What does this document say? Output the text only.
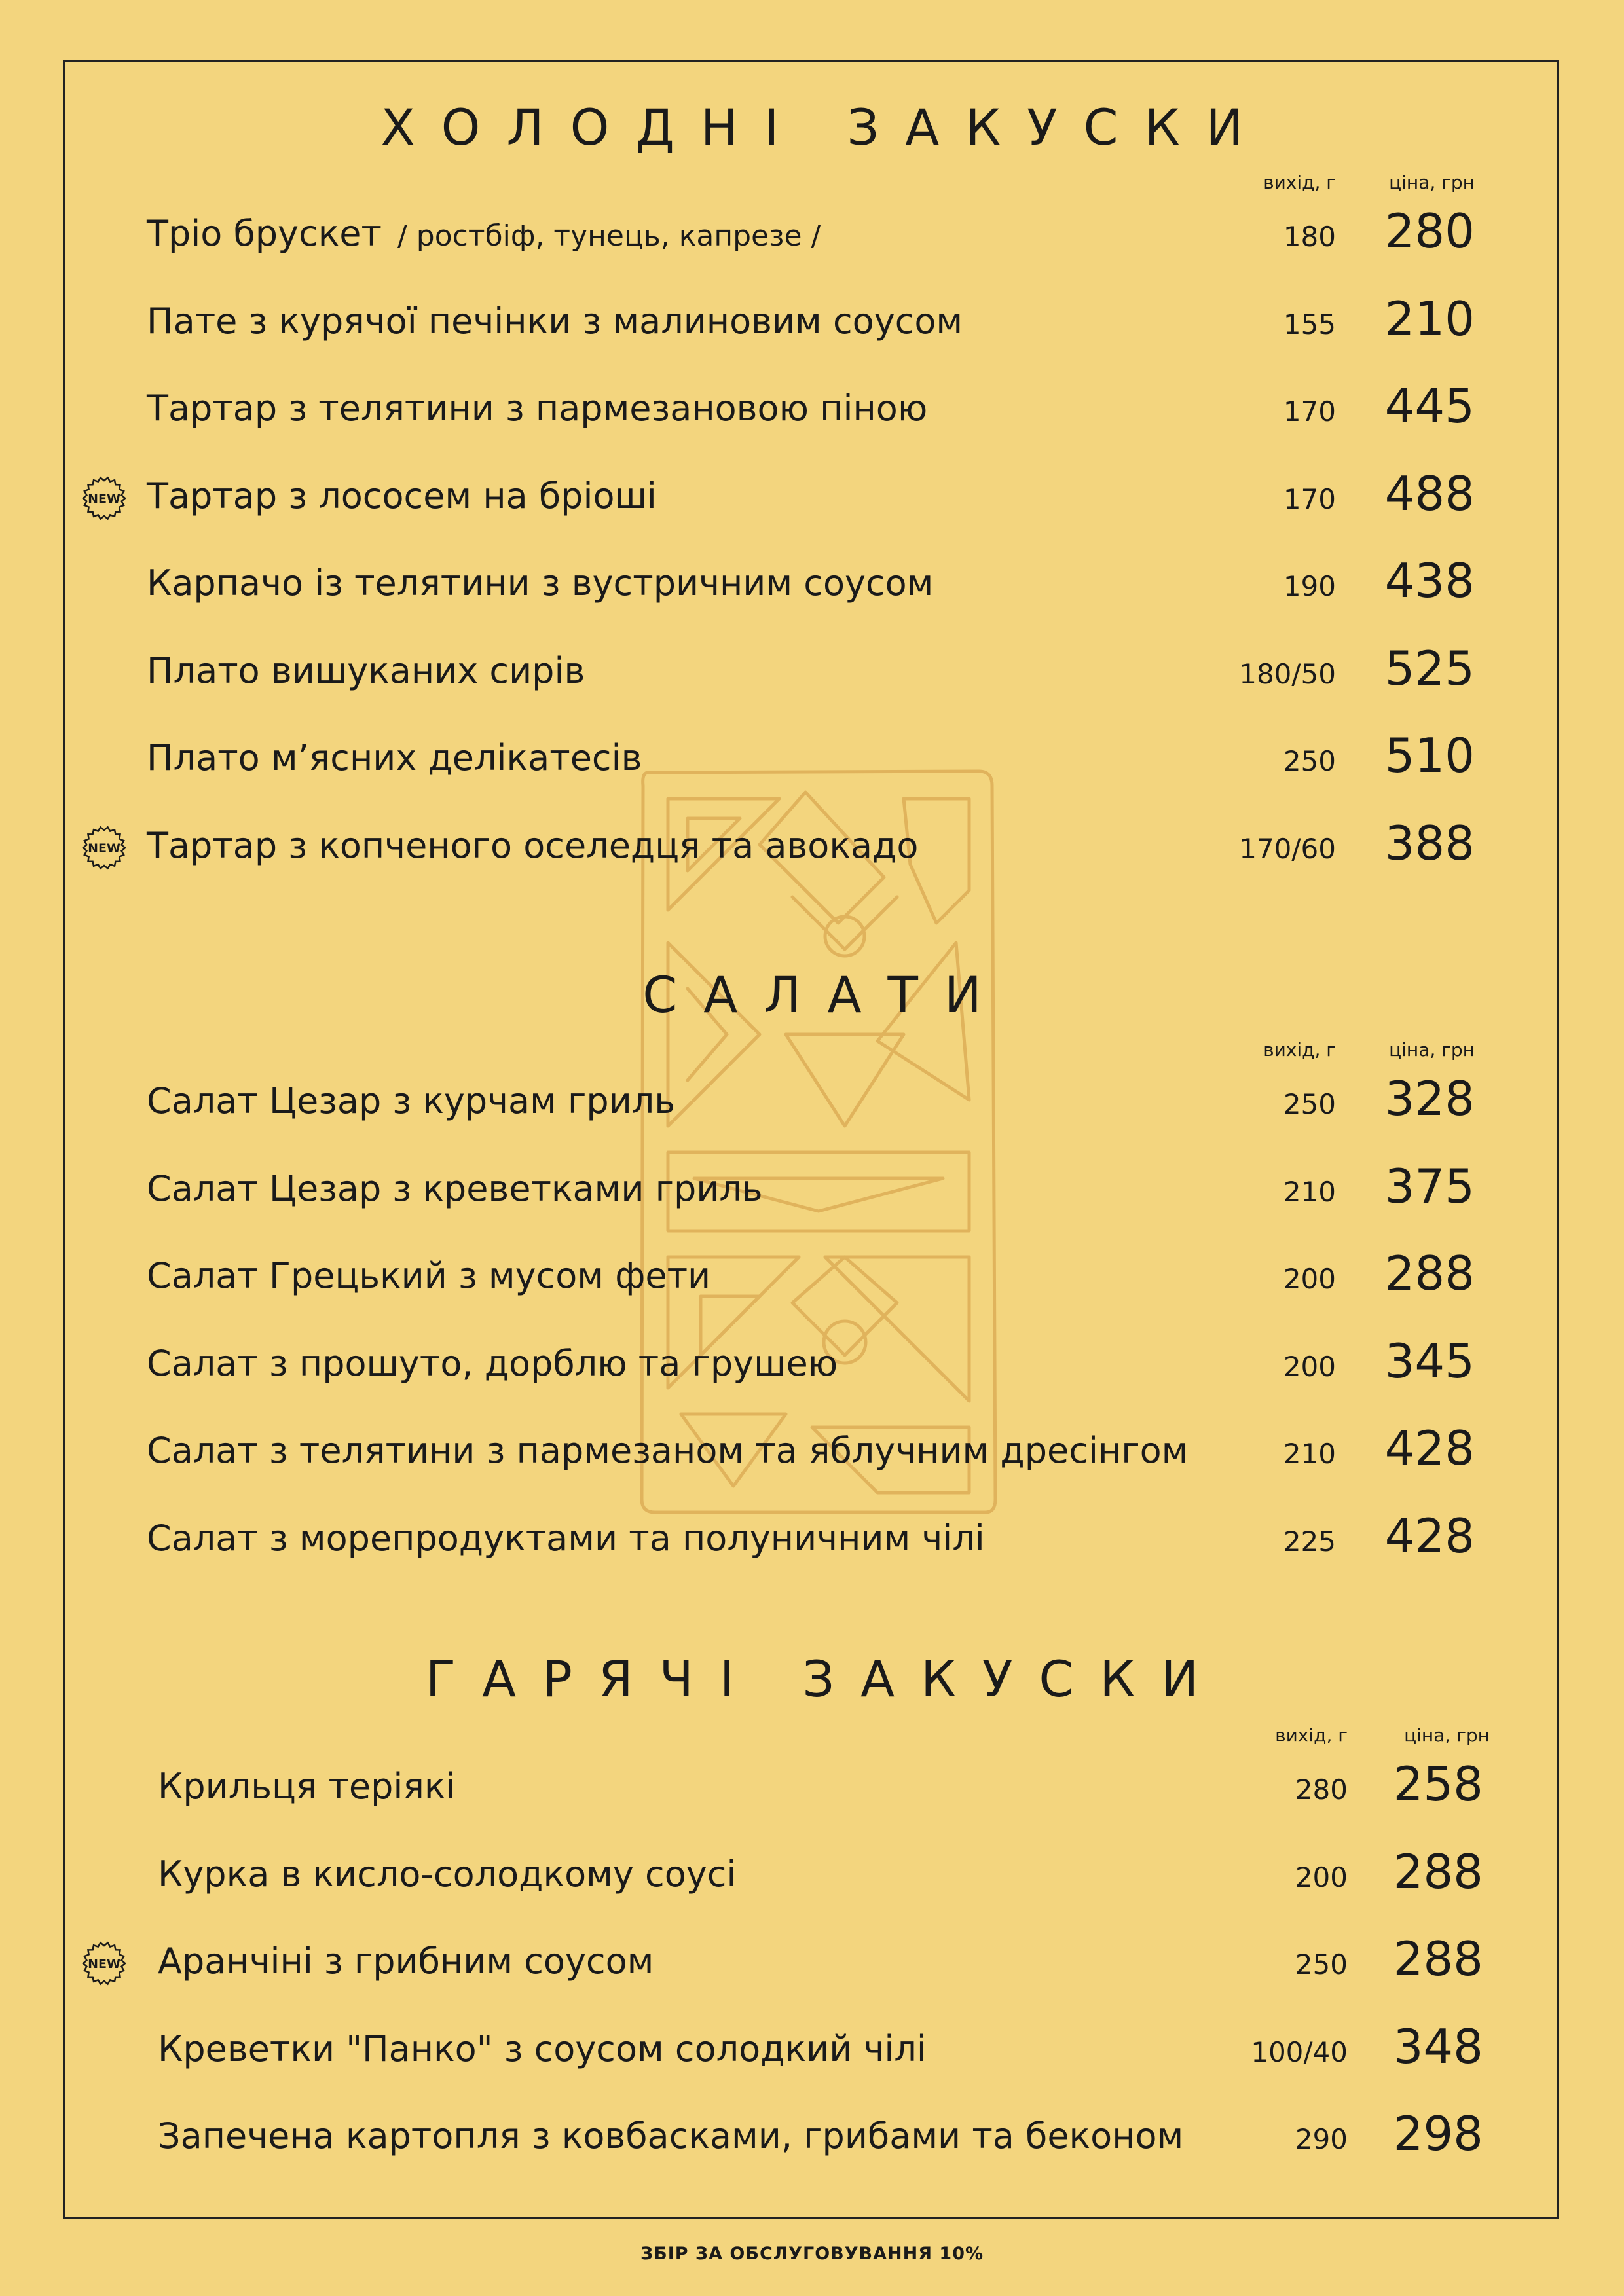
ХОЛОДНІ ЗАКУСКИ
вихід, г	ціна, грн
Тріо брускет / ростбіф, тунець, капрезе /	180	280
Пате з курячої печінки з малиновим соусом	155	210
Тартар з телятини з пармезановою піною	170	445
NEW Тартар з лососем на бріоші	170	488
Карпачо із телятини з вустричним соусом	190	438
Плато вишуканих сирів	180/50	525
Плато м’ясних делікатесів	250	510
NEW Тартар з копченого оселедця та авокадо	170/60	388
САЛАТИ
вихід, г	ціна, грн
Салат Цезар з курчам гриль	250	328
Салат Цезар з креветками гриль	210	375
Салат Грецький з мусом фети	200	288
Салат з прошуто, дорблю та грушею	200	345
Салат з телятини з пармезаном та яблучним дресінгом	210	428
Салат з морепродуктами та полуничним чілі	225	428
ГАРЯЧІ ЗАКУСКИ
вихід, г	ціна, грн
Крильця теріякі	280 258
Курка в кисло-солодкому соусі	200 288
NEW Аранчіні з грибним соусом	250 288
Креветки "Панко" з соусом солодкий чілі	100/40 348
Запечена картопля з ковбасками, грибами та беконом	290 298
ЗБІР ЗА ОБСЛУГОВУВАННЯ 10%
